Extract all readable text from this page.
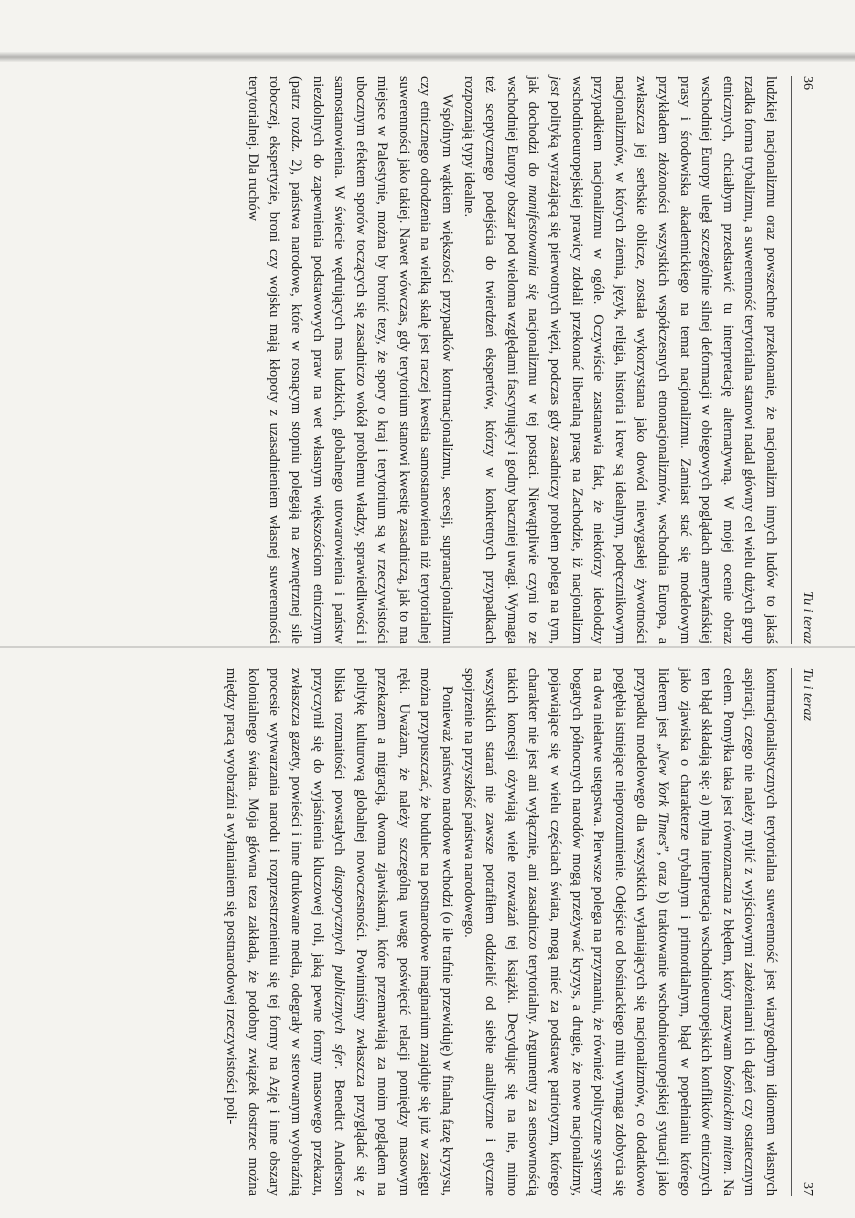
36
Tu i teraz

ludzkiej nacjonalizmu oraz powszechne przekonanie, że nacjonalizm innych ludów to jakaś rzadka forma trybalizmu, a suwerenność terytorialna stanowi nadal główny cel wielu dużych grup etnicznych, chciałbym przedstawić tu interpretację alternatywną. W mojej ocenie obraz wschodniej Europy uległ szczególnie silnej deformacji w obiegowych poglądach amerykańskiej prasy i środowiska akademickiego na temat nacjonalizmu. Zamiast stać się modelowym przykładem złożoności wszystkich współczesnych etnonacjonalizmów, wschodnia Europa, a zwłaszcza jej serbskie oblicze, została wykorzystana jako dowód niewygasłej żywotności nacjonalizmów, w których ziemia, język, religia, historia i krew są idealnym, podręcznikowym przypadkiem nacjonalizmu w ogóle. Oczywiście zastanawia fakt, że niektórzy ideolodzy wschodnioeuropejskiej prawicy zdołali przekonać liberalną prasę na Zachodzie, iż nacjonalizm jest polityką wyrażającą się pierwotnych więzi, podczas gdy zasadniczy problem polega na tym, jak dochodzi do manifestowania się nacjonalizmu w tej postaci. Niewątpliwie czyni to ze wschodniej Europy obszar pod wieloma względami fascynujący i godny baczniej uwagi. Wymaga też sceptycznego podejścia do twierdzeń ekspertów, którzy w konkretnych przypadkach rozpoznają typy idealne.

Wspólnym wątkiem większości przypadków kontrnacjonalizmu, secesji, supranacjonalizmu czy etnicznego odrodzenia na wielką skalę jest raczej kwestia samostanowienia niż terytorialnej suwerenności jako takiej. Nawet wówczas, gdy terytorium stanowi kwestię zasadniczą, jak to ma miejsce w Palestynie, można by bronić tezy, że spory o kraj i terytorium są w rzeczywistości ubocznym efektem sporów toczących się zasadniczo wokół problemu władzy, sprawiedliwości i samostanowienia. W świecie wędrujących mas ludzkich, globalnego utowarowienia i państw niezdolnych do zapewnienia podstawowych praw na wet własnym większościom etnicznym (patrz rozdz. 2), państwa narodowe, które w rosnącym stopniu polegają na zewnętrznej sile roboczej, ekspertyzie, broni czy wojsku mają kłopoty z uzasadnieniem własnej suwerenności terytorialnej. Dla ruchów

Tu i teraz
37

kontrnacjonalistycznych terytorialna suwerenność jest wiarygodnym idiomem własnych aspiracji, czego nie należy mylić z wyjściowymi założeniami ich dążeń czy ostatecznym celem. Pomyłka taka jest równoznaczna z błędem, który nazywam bośniackim mitem. Na ten błąd składają się: a) mylna interpretacja wschodnioeuropejskich konfliktów etnicznych jako zjawiska o charakterze trybalnym i primordialnym, błąd w popełnianiu którego liderem jest „New York Times”, oraz b) traktowanie wschodnioeuropejskiej sytuacji jako przypadku modelowego dla wszystkich wyłaniających się nacjonalizmów, co dodatkowo pogłębia istniejące nieporozumienie. Odejście od bośniackiego mitu wymaga zdobycia się na dwa niełatwe ustępstwa. Pierwsze polega na przyznaniu, że również polityczne systemy bogatych północnych narodów mogą przeżywać kryzys, a drugie, że nowe nacjonalizmy, pojawiające się w wielu częściach świata, mogą mieć za podstawę patriotyzm, którego charakter nie jest ani wyłącznie, ani zasadniczo terytorialny. Argumenty za sensownością takich koncesji ożywiają wiele rozważań tej książki. Decydując się na nie, mimo wszystkich starań nie zawsze potrafiłem oddzielić od siebie analityczne i etyczne spojrzenie na przyszłość państwa narodowego.

Ponieważ państwo narodowe wchodzi (o ile trafnie przewiduję) w finalną fazę kryzysu, można przypuszczać, że budulec na postnarodowe imaginarium znajduje się już w zasięgu ręki. Uważam, że należy szczególną uwagę poświęcić relacji pomiędzy masowym przekazem a migracją, dwoma zjawiskami, które przemawiają za moim poglądem na politykę kulturową globalnej nowoczesności. Powinniśmy zwłaszcza przyglądać się z bliska rozmaitości powstałych diasporycznych publicznych sfer. Benedict Anderson przyczynił się do wyjaśnienia kluczowej roli, jaką pewne formy masowego przekazu, zwłaszcza gazety, powieści i inne drukowane media, odegrały w sterowanym wyobraźnią procesie wytwarzania narodu i rozprzestrzenieniu się tej formy na Azję i inne obszary kolonialnego świata. Moja główna teza zakłada, że podobny związek dostrzec można między pracą wyobraźni a wyłanianiem się postnarodowej rzeczywistości poli-
